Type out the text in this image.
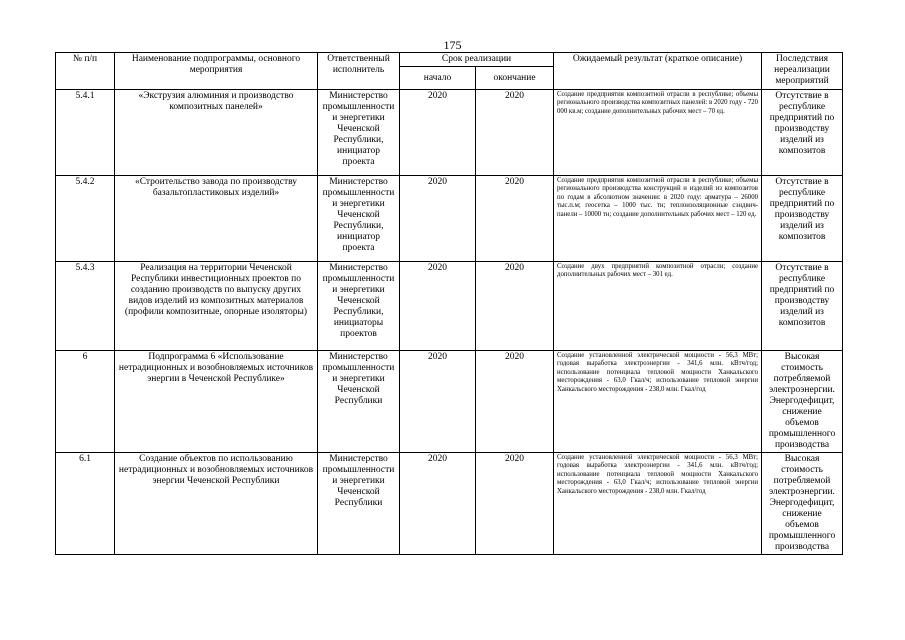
175
№ п/п	Наименование подпрограммы, основного мероприятия	Ответственный исполнитель	Срок реализации		Ожидаемый результат (краткое описание)	Последствия нереализации мероприятий
			начало	окончание		
5.4.1	«Экструзия алюминия и производство композитных панелей»	Министерство промышленности и энергетики Чеченской Республики, инициатор проекта	2020	2020	Создание предприятия композитной отрасли в республике; объемы регионального производства композитных панелей: в 2020 году - 720 000 кв.м; создание дополнительных рабочих мест – 70 ед.	Отсутствие в республике предприятий по производству изделий из композитов
5.4.2	«Строительство завода по производству базальтопластиковых изделий»	Министерство промышленности и энергетики Чеченской Республики, инициатор проекта	2020	2020	Создание предприятия композитной отрасли в республике; объемы регионального производства конструкций и изделий из композитов по годам в абсолютном значении: в 2020 году: арматура – 26000 тыс.п.м; геосетка – 1000 тыс. тн; теплоизоляционные сэндвич-панели – 10000 тн; создание дополнительных рабочих мест – 120 ед.	Отсутствие в республике предприятий по производству изделий из композитов
5.4.3	Реализация на территории Чеченской Республики инвестиционных проектов по созданию производств по выпуску других видов изделий из композитных материалов (профили композитные, опорные изоляторы)	Министерство промышленности и энергетики Чеченской Республики, инициаторы проектов	2020	2020	Создание двух предприятий композитной отрасли; создание дополнительных рабочих мест – 301 ед.	Отсутствие в республике предприятий по производству изделий из композитов
6	Подпрограмма 6 «Использование нетрадиционных и возобновляемых источников энергии в Чеченской Республике»	Министерство промышленности и энергетики Чеченской Республики	2020	2020	Создание установленной электрической мощности - 56,3 МВт; годовая выработка электроэнергии - 341,6 млн. кВтч/год; использование потенциала тепловой мощности Ханкальского месторождения - 63,0 Гкал/ч; использование тепловой энергии Ханкальского месторождения - 238,0 млн. Гкал/год	Высокая стоимость потребляемой электроэнергии. Энергодефицит, снижение объемов промышленного производства
6.1	Создание объектов по использованию нетрадиционных и возобновляемых источников энергии Чеченской Республики	Министерство промышленности и энергетики Чеченской Республики	2020	2020	Создание установленной электрической мощности - 56,3 МВт; годовая выработка электроэнергии - 341,6 млн. кВтч/год; использование потенциала тепловой мощности Ханкальского месторождения - 63,0 Гкал/ч; использование тепловой энергии Ханкальского месторождения - 238,0 млн. Гкал/год	Высокая стоимость потребляемой электроэнергии. Энергодефицит, снижение объемов промышленного производства
